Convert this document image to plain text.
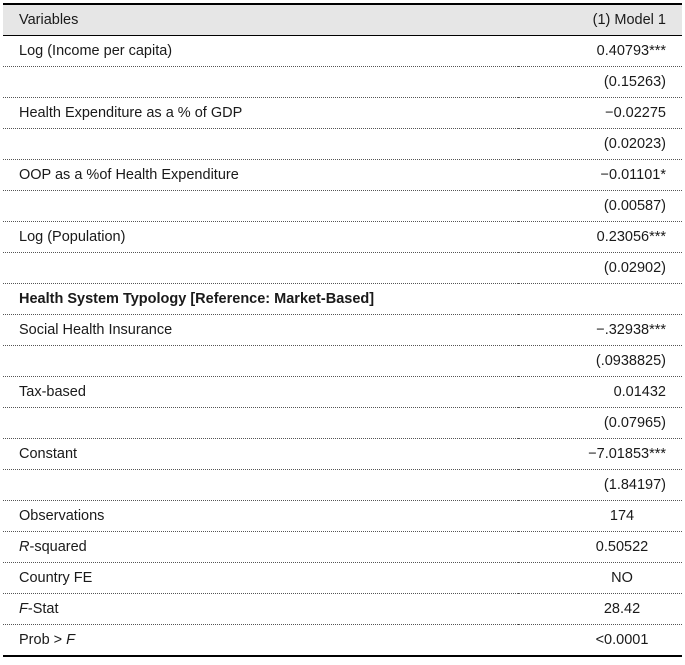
Variables	(1) Model 1
Log (Income per capita)	0.40793***
	(0.15263)
Health Expenditure as a % of GDP	−0.02275
	(0.02023)
OOP as a %of Health Expenditure	−0.01101*
	(0.00587)
Log (Population)	0.23056***
	(0.02902)
Health System Typology [Reference: Market-Based]	
Social Health Insurance	−.32938***
	(.0938825)
Tax-based	0.01432
	(0.07965)
Constant	−7.01853***
	(1.84197)
Observations	174
R-squared	0.50522
Country FE	NO
F-Stat	28.42
Prob > F	<0.0001
